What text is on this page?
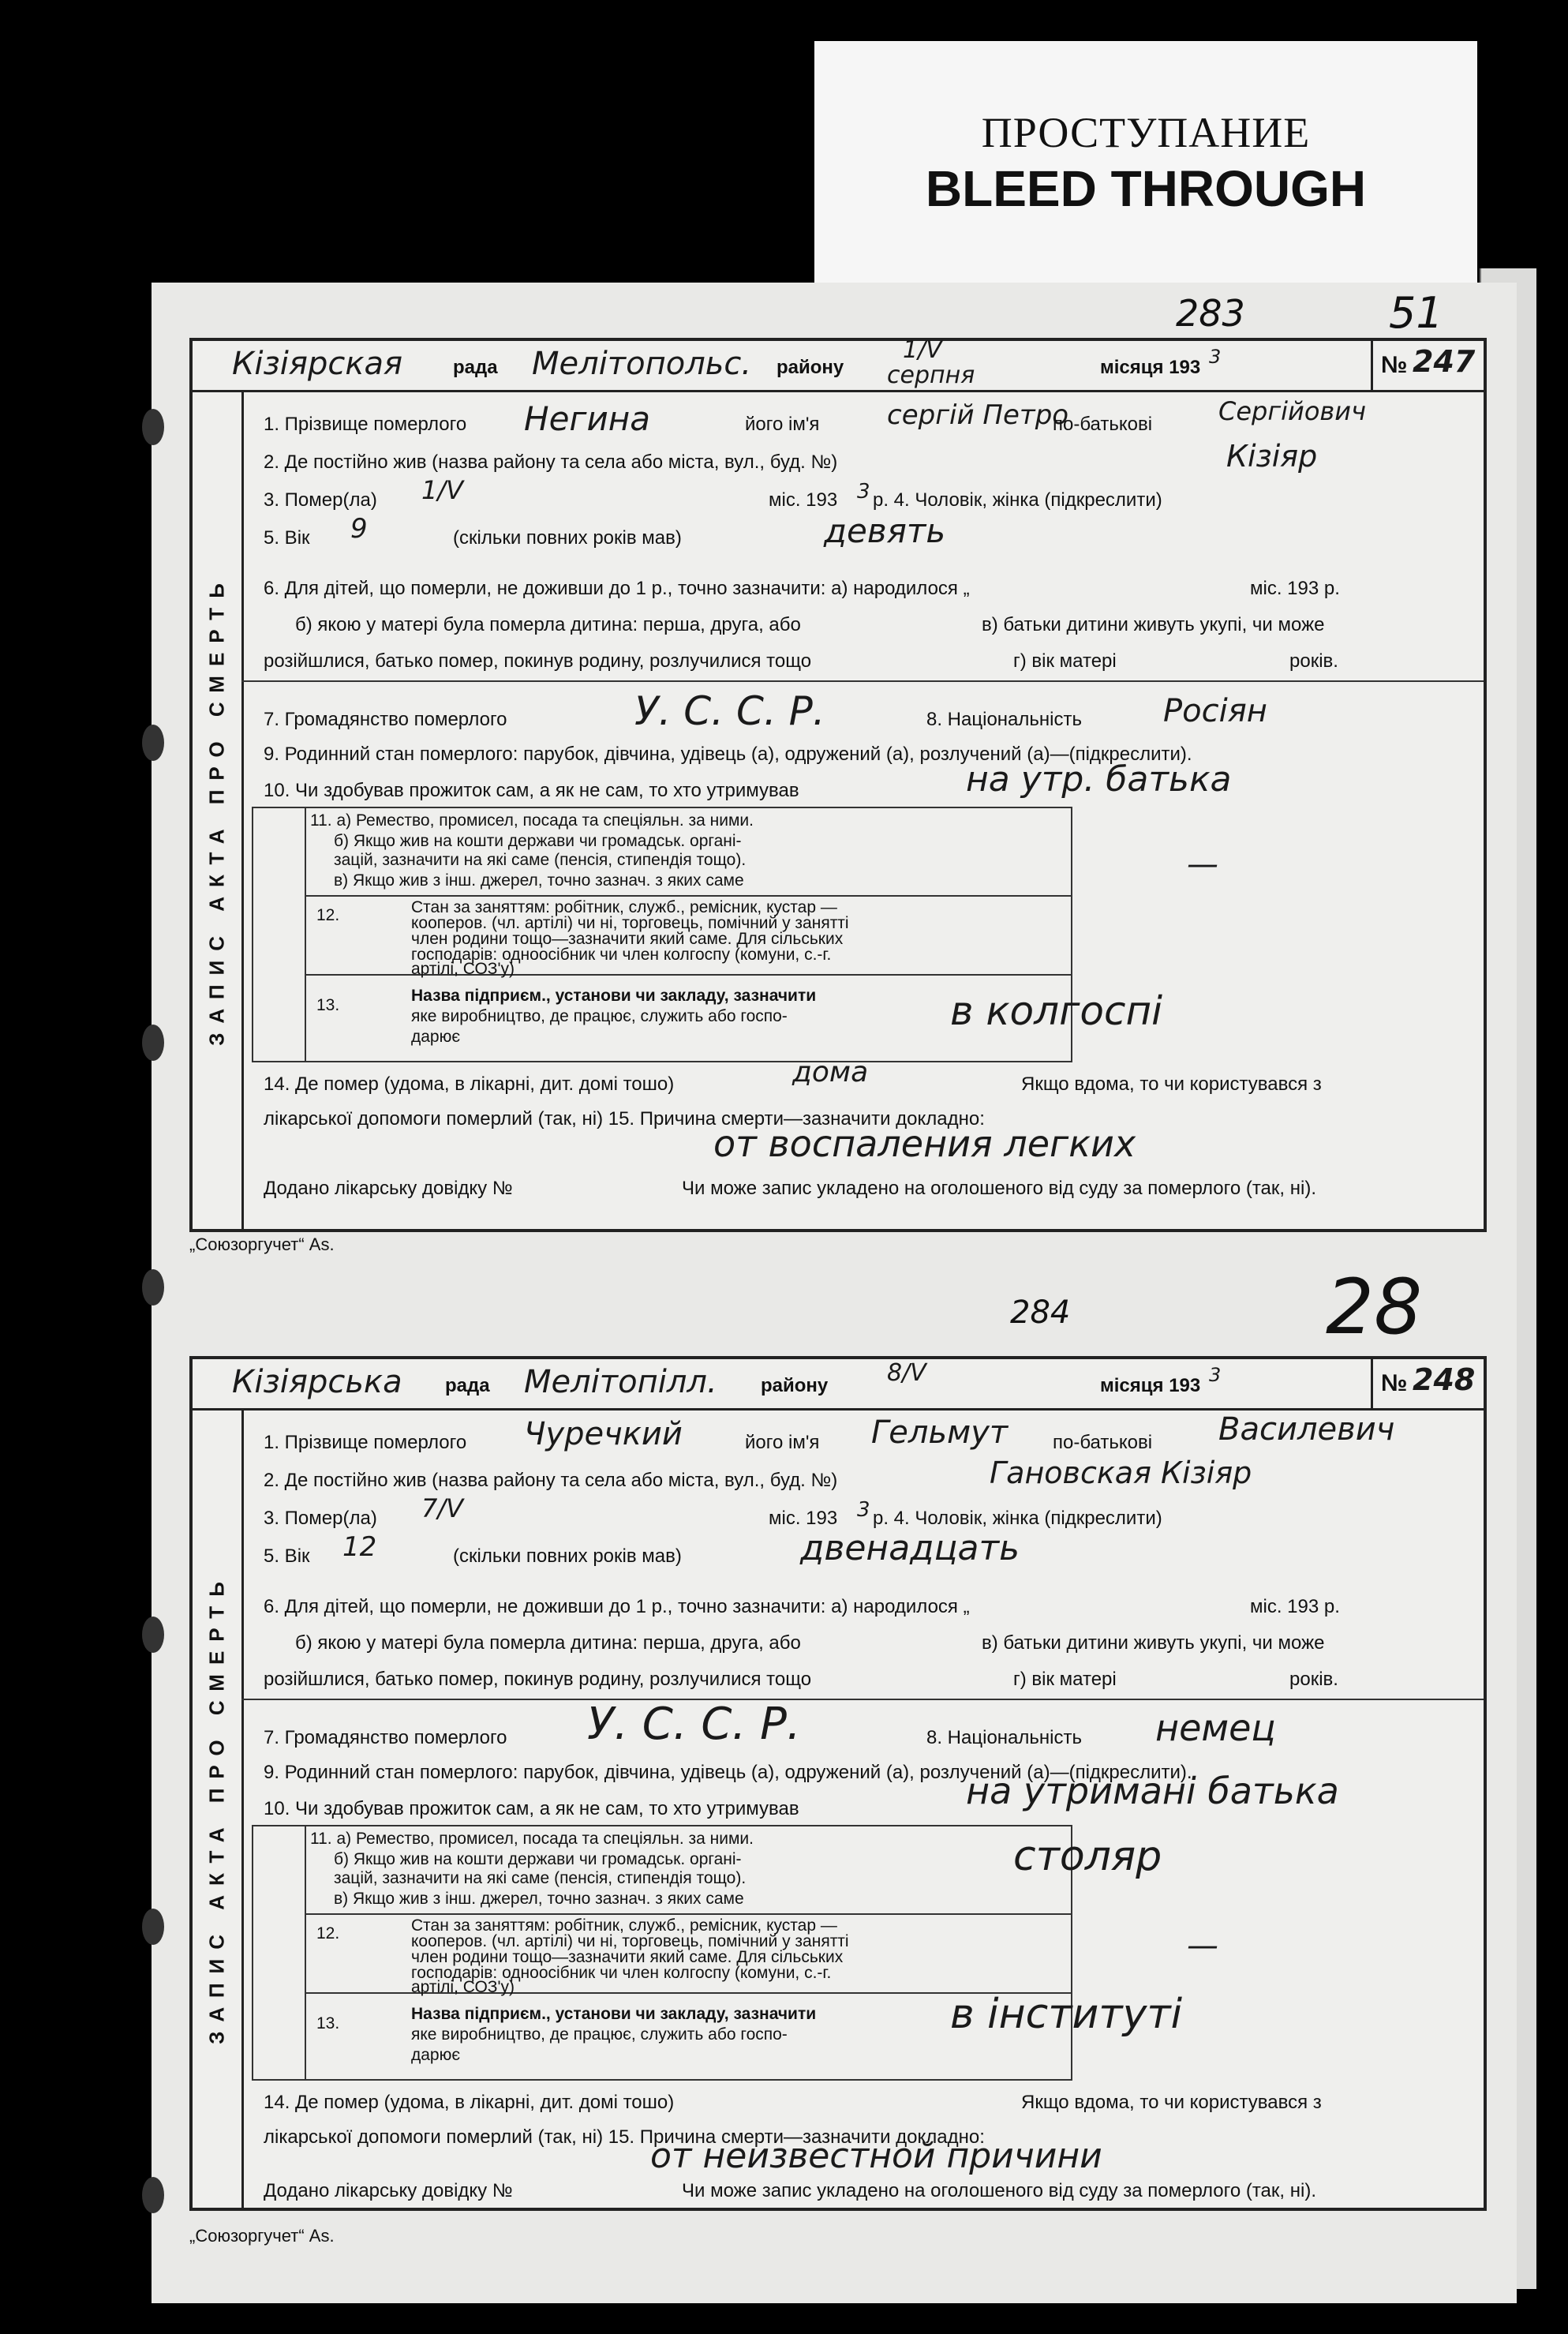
ПРОСТУПАНИЕ
BLEED THROUGH
283	51
284	28
Кізіярская	рада Мелітопольс. району
1/V
серпня	місяця 193 3	№ 247
ЗАПИС АКТА ПРО СМЕРТЬ
1. Прізвище померлого Негина	його ім'я	сергій Петро
по-батькові	Сергійович
2. Де постійно жив (назва району та села або міста, вул., буд. №)	Кізіяр
3. Помер(ла) 1/V	міс. 193 3 р. 4. Чоловік, жінка (підкреслити)
5. Вік 9	(скільки повних років мав)	девять
6. Для дітей, що померли, не доживши до 1 р., точно зазначити: а) народилося „	міс. 193 р.
б) якою у матері була померла дитина: перша, друга, або	в) батьки дитини живуть укупі, чи може
розійшлися, батько помер, покинув родину, розлучилися тощо	г) вік матері	років.
7. Громадянство померлого	У. С. С. Р.	8. Національність	Росіян
9. Родинний стан померлого: парубок, дівчина, удівець (а), одружений (а), розлучений (а)—(підкреслити).
10. Чи здобував прожиток сам, а як не сам, то хто утримував	на утр. батька
11. а) Ремество, промисел, посада та спеціяльн. за ними.
б) Якщо жив на кошти держави чи громадськ. органі-
зацій, зазначити на які саме (пенсія, стипендія тощо).
в) Якщо жив з інш. джерел, точно зазнач. з яких саме
12.	Стан за заняттям: робітник, служб., ремісник, кустар —
кооперов. (чл. артілі) чи ні, торговець, помічний у занятті
член родини тощо—зазначити який саме. Для сільських
господарів: одноосібник чи член колгоспу (комуни, с.-г.
артілі, СОЗ'у)
13.
Назва підприєм., установи чи закладу, зазначити
яке виробництво, де працює, служить або госпо-
дарює
—
в колгоспі
14. Де помер (удома, в лікарні, дит. домі тошо)	дома	Якщо вдома, то чи користувався з
лікарської допомоги померлий (так, ні) 15. Причина смерти—зазначити докладно:
от воспаления легких
Додано лікарську довідку №	Чи може запис укладено на оголошеного від суду за померлого (так, ні).
„Союзоргучет“ Аѕ.
Кізіярська рада Мелітопілл. району 8/V	місяця 193 3	№ 248
ЗАПИС АКТА ПРО СМЕРТЬ
1. Прізвище померлого Чуречкий	його ім'я Гельмут по-батькові Василевич
2. Де постійно жив (назва району та села або міста, вул., буд. №)	Гановская Кізіяр
3. Помер(ла) 7/V	міс. 193 3 р. 4. Чоловік, жінка (підкреслити)
5. Вік 12	(скільки повних років мав)	двенадцать
6. Для дітей, що померли, не доживши до 1 р., точно зазначити: а) народилося „	міс. 193 р.
б) якою у матері була померла дитина: перша, друга, або	в) батьки дитини живуть укупі, чи може
розійшлися, батько помер, покинув родину, розлучилися тощо	г) вік матері	років.
7. Громадянство померлого У. С. С. Р.	8. Національність немец
9. Родинний стан померлого: парубок, дівчина, удівець (а), одружений (а), розлучений (а)—(підкреслити).
10. Чи здобував прожиток сам, а як не сам, то хто утримував	на утримані батька
11. а) Ремество, промисел, посада та спеціяльн. за ними.
б) Якщо жив на кошти держави чи громадськ. органі-
зацій, зазначити на які саме (пенсія, стипендія тощо).
в) Якщо жив з інш. джерел, точно зазнач. з яких саме
12.	Стан за заняттям: робітник, служб., ремісник, кустар —
кооперов. (чл. артілі) чи ні, торговець, помічний у занятті
член родини тощо—зазначити який саме. Для сільських
господарів: одноосібник чи член колгоспу (комуни, с.-г.
артілі, СОЗ'у)
13.
Назва підприєм., установи чи закладу, зазначити
яке виробництво, де працює, служить або госпо-
дарює
столяр
—
в інституті
14. Де помер (удома, в лікарні, дит. домі тошо)	Якщо вдома, то чи користувався з
лікарської допомоги померлий (так, ні) 15. Причина смерти—зазначити докладно:
от неизвестной причини
Додано лікарську довідку №	Чи може запис укладено на оголошеного від суду за померлого (так, ні).
„Союзоргучет“ Аѕ.
